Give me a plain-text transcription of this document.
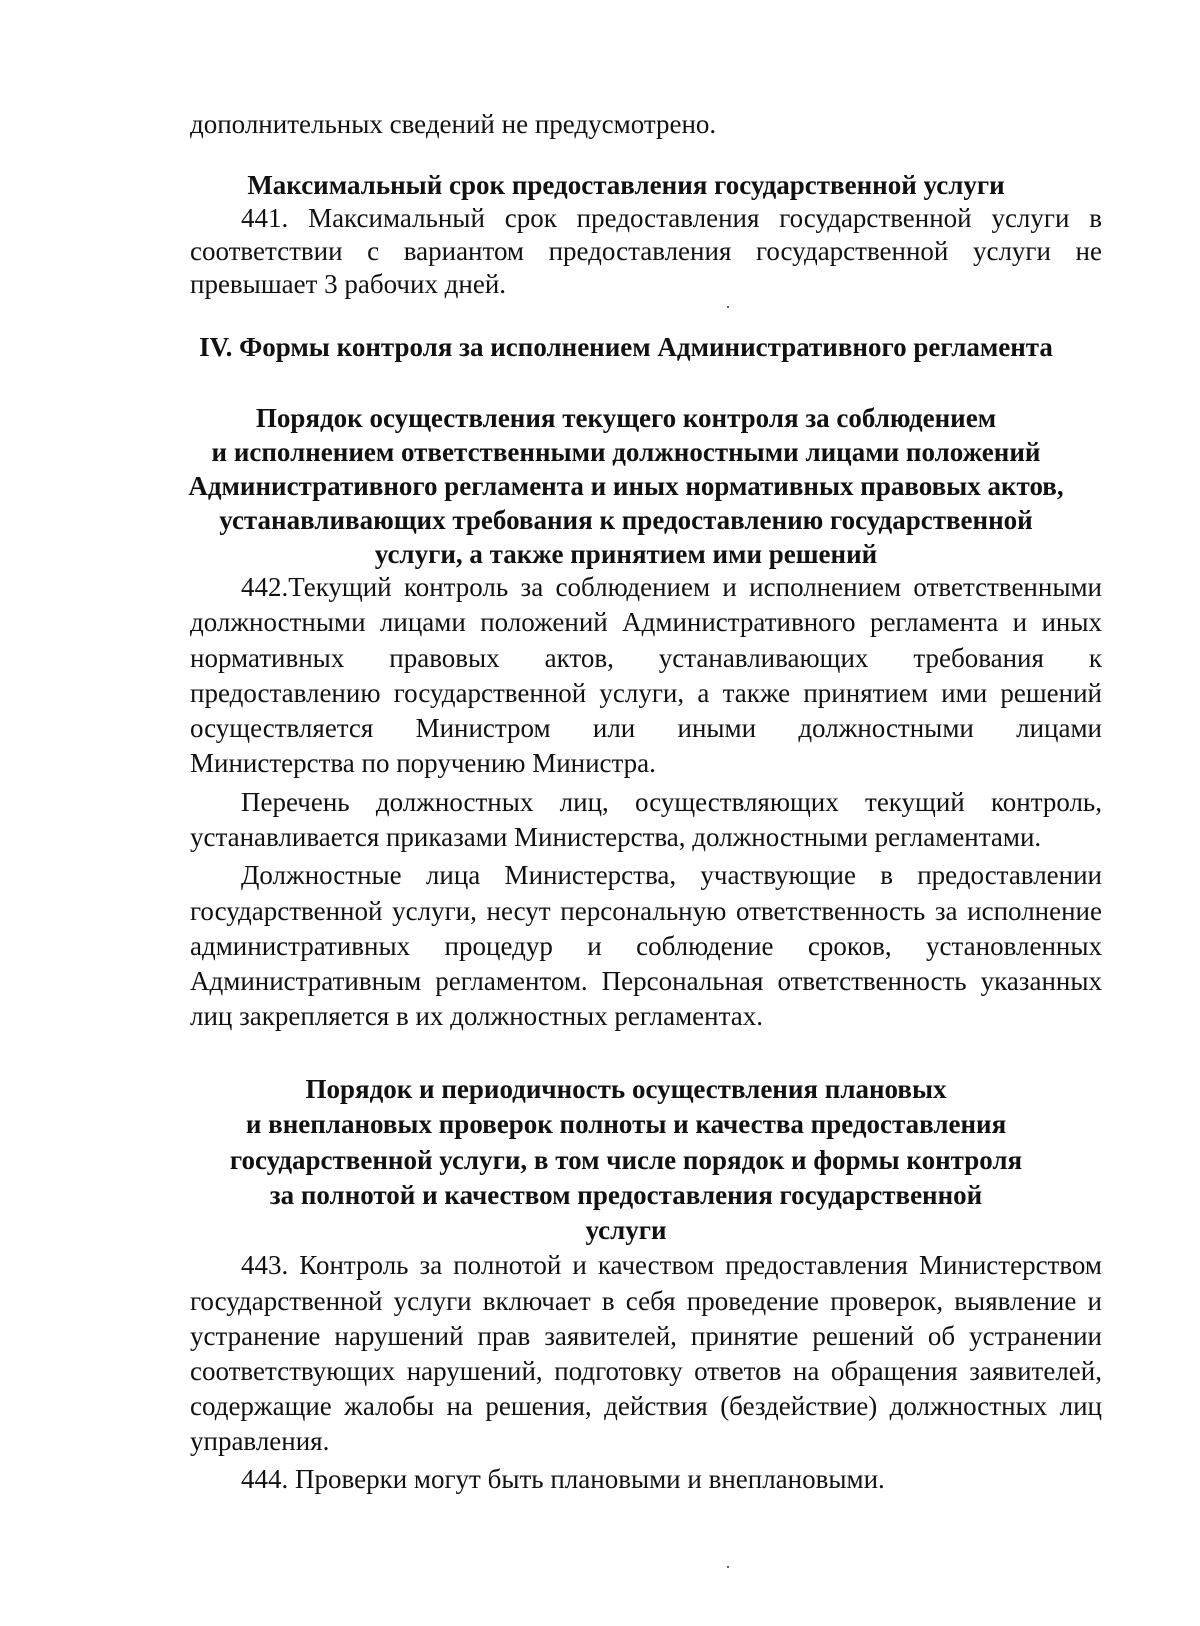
дополнительных сведений не предусмотрено.
Максимальный срок предоставления государственной услуги
441. Максимальный срок предоставления государственной услуги в
соответствии с вариантом предоставления государственной услуги не
превышает 3 рабочих дней.
IV. Формы контроля за исполнением Административного регламента
Порядок осуществления текущего контроля за соблюдением
и исполнением ответственными должностными лицами положений
Административного регламента и иных нормативных правовых актов,
устанавливающих требования к предоставлению государственной
услуги, а также принятием ими решений
442.Текущий контроль за соблюдением и исполнением ответственными
должностными лицами положений Административного регламента и иных
нормативных правовых актов, устанавливающих требования к
предоставлению государственной услуги, а также принятием ими решений
осуществляется Министром или иными должностными лицами
Министерства по поручению Министра.
Перечень должностных лиц, осуществляющих текущий контроль,
устанавливается приказами Министерства, должностными регламентами.
Должностные лица Министерства, участвующие в предоставлении
государственной услуги, несут персональную ответственность за исполнение
административных процедур и соблюдение сроков, установленных
Административным регламентом. Персональная ответственность указанных
лиц закрепляется в их должностных регламентах.
Порядок и периодичность осуществления плановых
и внеплановых проверок полноты и качества предоставления
государственной услуги, в том числе порядок и формы контроля
за полнотой и качеством предоставления государственной
услуги
443. Контроль за полнотой и качеством предоставления Министерством
государственной услуги включает в себя проведение проверок, выявление и
устранение нарушений прав заявителей, принятие решений об устранении
соответствующих нарушений, подготовку ответов на обращения заявителей,
содержащие жалобы на решения, действия (бездействие) должностных лиц
управления.
444. Проверки могут быть плановыми и внеплановыми.
